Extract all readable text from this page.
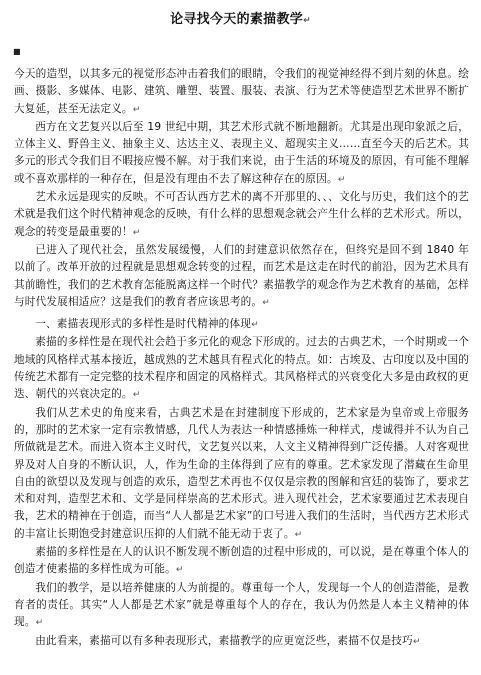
论寻找今天的素描教学↵
■

今天的造型，以其多元的视觉形态冲击着我们的眼睛，令我们的视觉神经得不到片刻的休息。绘画、摄影、多媒体、电影、建筑、雕塑、装置、服装、表演、行为艺术等使造型艺术世界不断扩大复延，甚至无法定义。↵

西方在文艺复兴以后至 19 世纪中期，其艺术形式就不断地翻新。尤其是出现印象派之后，立体主义、野兽主义、抽象主义、达达主义、表现主义、超现实主义……直至今天的后艺术。其多元的形式令我们目不暇接应慢不解。对于我们来说，由于生活的环境及的原因，有可能不理解或不喜欢那样的一种存在，但是没有理由不去了解这种存在的原因。↵

艺术永远是现实的反映。不可否认西方艺术的离不开那里的、、、文化与历史，我们这个的艺术就是我们这个时代精神观念的反映，有什么样的思想观念就会产生什么样的艺术形式。所以，观念的转变是最重要的！↵

已进入了现代社会，虽然发展缓慢，人们的封建意识依然存在，但终究是回不到 1840 年以前了。改革开放的过程就是思想观念转变的过程，而艺术是这走在时代的前沿，因为艺术具有其前瞻性，我们的艺术教育怎能脱离这样一个时代？素描教学的观念作为艺术教育的基础，怎样与时代发展相适应？这是我们的教育者应该思考的。↵

一、素描表现形式的多样性是时代精神的体现↵

素描的多样性是在现代社会趋于多元化的观念下形成的。过去的古典艺术，一个时期或一个地域的风格样式基本接近，越成熟的艺术越具有程式化的特点。如：古埃及、古印度以及中国的传统艺术都有一定完整的技术程序和固定的风格样式。其风格样式的兴衰变化大多是由政权的更迭、朝代的兴衰决定的。↵

我们从艺术史的角度来看，古典艺术是在封建制度下形成的，艺术家是为皇帝或上帝服务的，那时的艺术家一定有宗教情感，几代人为表达一种情感捶炼一种样式，虔诚得并不认为自己所做就是艺术。而进入资本主义时代，文艺复兴以来，人文主义精神得到广泛传播。人对客观世界及对人自身的不断认识，人，作为生命的主体得到了应有的尊重。艺术家发现了潜藏在生命里自由的欲望以及发现与创造的欢乐，造型艺术再也不仅仅是宗教的图解和宫廷的装饰了，要求艺术和对判，造型艺术和、文学是同样崇高的艺术形式。进入现代社会，艺术家要通过艺术表现自我，艺术的精神在于创造，而当“人人都是艺术家”的口号进入我们的生活时，当代西方艺术形式的丰富让长期饱受封建意识压抑的人们就不能无动于衷了。↵

素描的多样性是在人的认识不断发现不断创造的过程中形成的，可以说，是在尊重个体人的创造才使素描的多样性成为可能。↵

我们的教学，是以培养健康的人为前提的。尊重每一个人，发现每一个人的创造潜能，是教育者的责任。其实“人人都是艺术家”就是尊重每个人的存在，我认为仍然是人本主义精神的体现。↵

由此看来，素描可以有多种表现形式，素描教学的应更宽泛些，素描不仅是技巧↵
